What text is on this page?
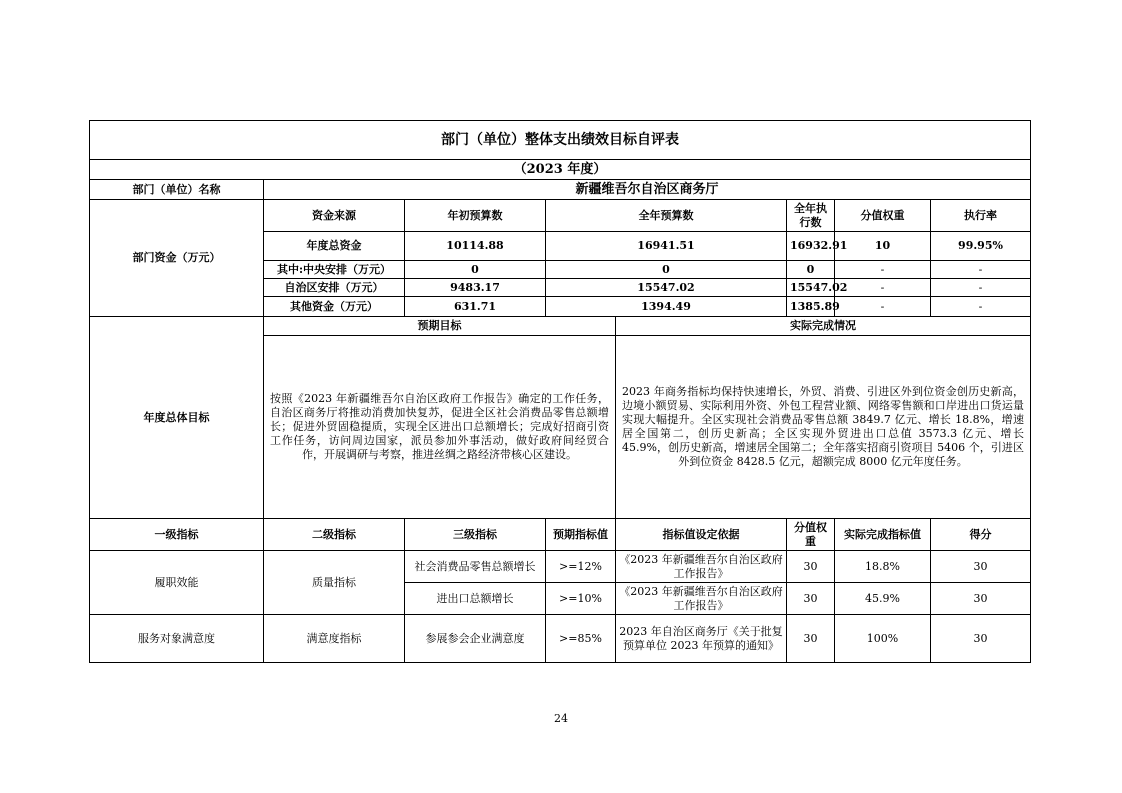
部门（单位）整体支出绩效目标自评表								
（2023 年度）								
部门（单位）名称	新疆维吾尔自治区商务厅							
部门资金（万元）	资金来源	年初预算数	全年预算数		全年执行数	分值权重	执行率	
	年度总资金	10114.88	16941.51		16932.91	10	99.95%	
	其中:中央安排（万元）	0	0		0	-	-	
	自治区安排（万元）	9483.17	15547.02		15547.02	-	-	
	其他资金（万元）	631.71	1394.49		1385.89	-	-	
年度总体目标	预期目标			实际完成情况				
	按照《2023 年新疆维吾尔自治区政府工作报告》确定的工作任务，自治区商务厅将推动消费加快复苏，促进全区社会消费品零售总额增长；促进外贸固稳提质，实现全区进出口总额增长；完成好招商引资工作任务，访问周边国家，派员参加外事活动，做好政府间经贸合作，开展调研与考察，推进丝绸之路经济带核心区建设。			2023 年商务指标均保持快速增长，外贸、消费、引进区外到位资金创历史新高，边境小额贸易、实际利用外资、外包工程营业额、网络零售额和口岸进出口货运量实现大幅提升。全区实现社会消费品零售总额 3849.7 亿元、增长 18.8%，增速居全国第二，创历史新高；全区实现外贸进出口总值 3573.3 亿元、增长 45.9%，创历史新高，增速居全国第二；全年落实招商引资项目 5406 个，引进区外到位资金 8428.5 亿元，超额完成 8000 亿元年度任务。				
一级指标	二级指标	三级指标	预期指标值	指标值设定依据	分值权重	实际完成指标值	得分	
履职效能	质量指标	社会消费品零售总额增长	>=12%	《2023 年新疆维吾尔自治区政府工作报告》	30	18.8%	30	
		进出口总额增长	>=10%	《2023 年新疆维吾尔自治区政府工作报告》	30	45.9%	30	
服务对象满意度	满意度指标	参展参会企业满意度	>=85%	2023 年自治区商务厅《关于批复预算单位 2023 年预算的通知》	30	100%	30	
24
